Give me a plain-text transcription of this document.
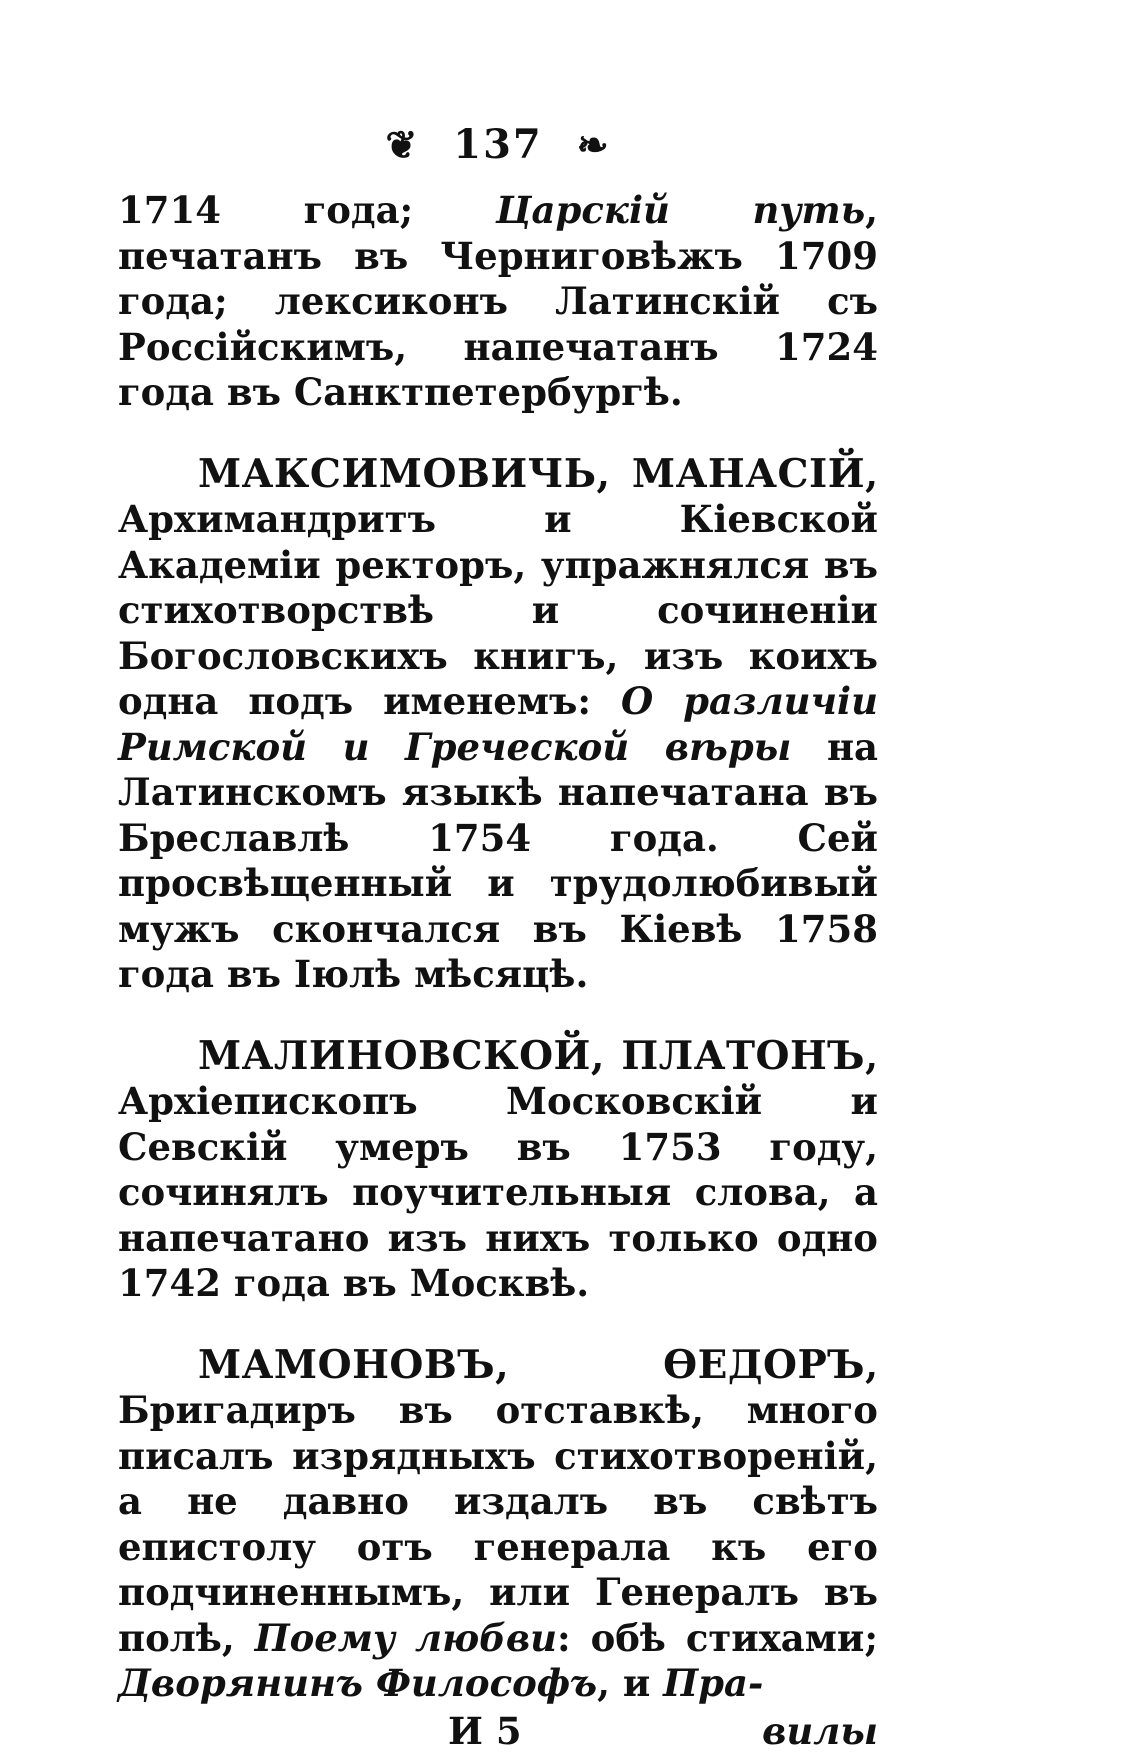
❦ 137 ❧

1714 года; Царскій путь, печатанъ въ Черниговѣжъ 1709 года; лексиконъ Латинскій съ Россійскимъ, напечатанъ 1724 года въ Санктпетербургѣ.

МАКСИМОВИЧЬ, МАНАСІЙ, Архимандритъ и Кіевской Академіи ректоръ, упражнялся въ стихотворствѣ и сочиненіи Богословскихъ книгъ, изъ коихъ одна подъ именемъ: О различіи Римской и Греческой вѣры на Латинскомъ языкѣ напечатана въ Бреславлѣ 1754 года. Сей просвѣщенный и трудолюбивый мужъ скончался въ Кіевѣ 1758 года въ Іюлѣ мѣсяцѣ.

МАЛИНОВСКОЙ, ПЛАТОНЪ, Архіепископъ Московскій и Севскій умеръ въ 1753 году, сочинялъ поучительныя слова, а напечатано изъ нихъ только одно 1742 года въ Москвѣ.

МАМОНОВЪ, ѲЕДОРЪ, Бригадиръ въ отставкѣ, много писалъ изрядныхъ стихотвореній, а не давно издалъ въ свѣтъ епистолу отъ генерала къ его подчиненнымъ, или Генералъ въ полѣ, Поему любви: обѣ стихами; Дворянинъ Философъ, и Пра-

И 5	вилы
